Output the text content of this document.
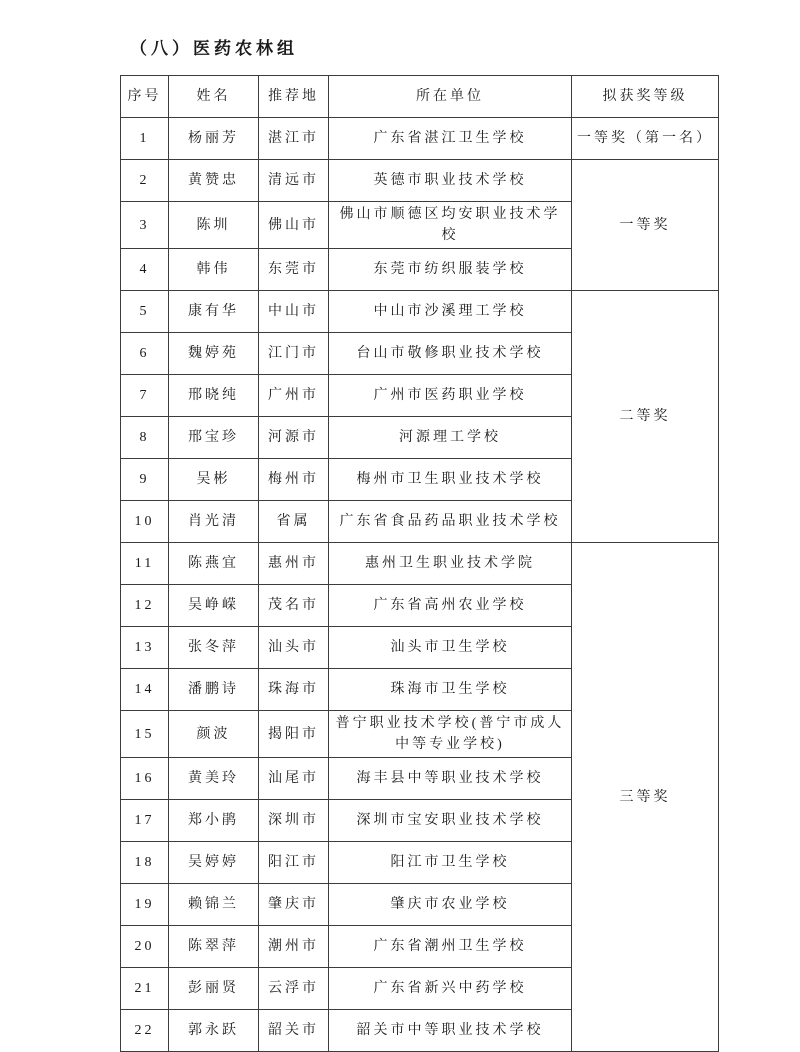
（八）医药农林组
序号	姓名	推荐地	所在单位	拟获奖等级
1	杨丽芳	湛江市	广东省湛江卫生学校	一等奖（第一名）
2	黄赞忠	清远市	英德市职业技术学校	一等奖
3	陈圳	佛山市	佛山市顺德区均安职业技术学校	
4	韩伟	东莞市	东莞市纺织服装学校	
5	康有华	中山市	中山市沙溪理工学校	二等奖
6	魏婷苑	江门市	台山市敬修职业技术学校	
7	邢晓纯	广州市	广州市医药职业学校	
8	邢宝珍	河源市	河源理工学校	
9	吴彬	梅州市	梅州市卫生职业技术学校	
10	肖光清	省属	广东省食品药品职业技术学校	
11	陈燕宜	惠州市	惠州卫生职业技术学院	三等奖
12	吴峥嵘	茂名市	广东省高州农业学校	
13	张冬萍	汕头市	汕头市卫生学校	
14	潘鹏诗	珠海市	珠海市卫生学校	
15	颜波	揭阳市	普宁职业技术学校(普宁市成人中等专业学校)	
16	黄美玲	汕尾市	海丰县中等职业技术学校	
17	郑小鹃	深圳市	深圳市宝安职业技术学校	
18	吴婷婷	阳江市	阳江市卫生学校	
19	赖锦兰	肇庆市	肇庆市农业学校	
20	陈翠萍	潮州市	广东省潮州卫生学校	
21	彭丽贤	云浮市	广东省新兴中药学校	
22	郭永跃	韶关市	韶关市中等职业技术学校	
